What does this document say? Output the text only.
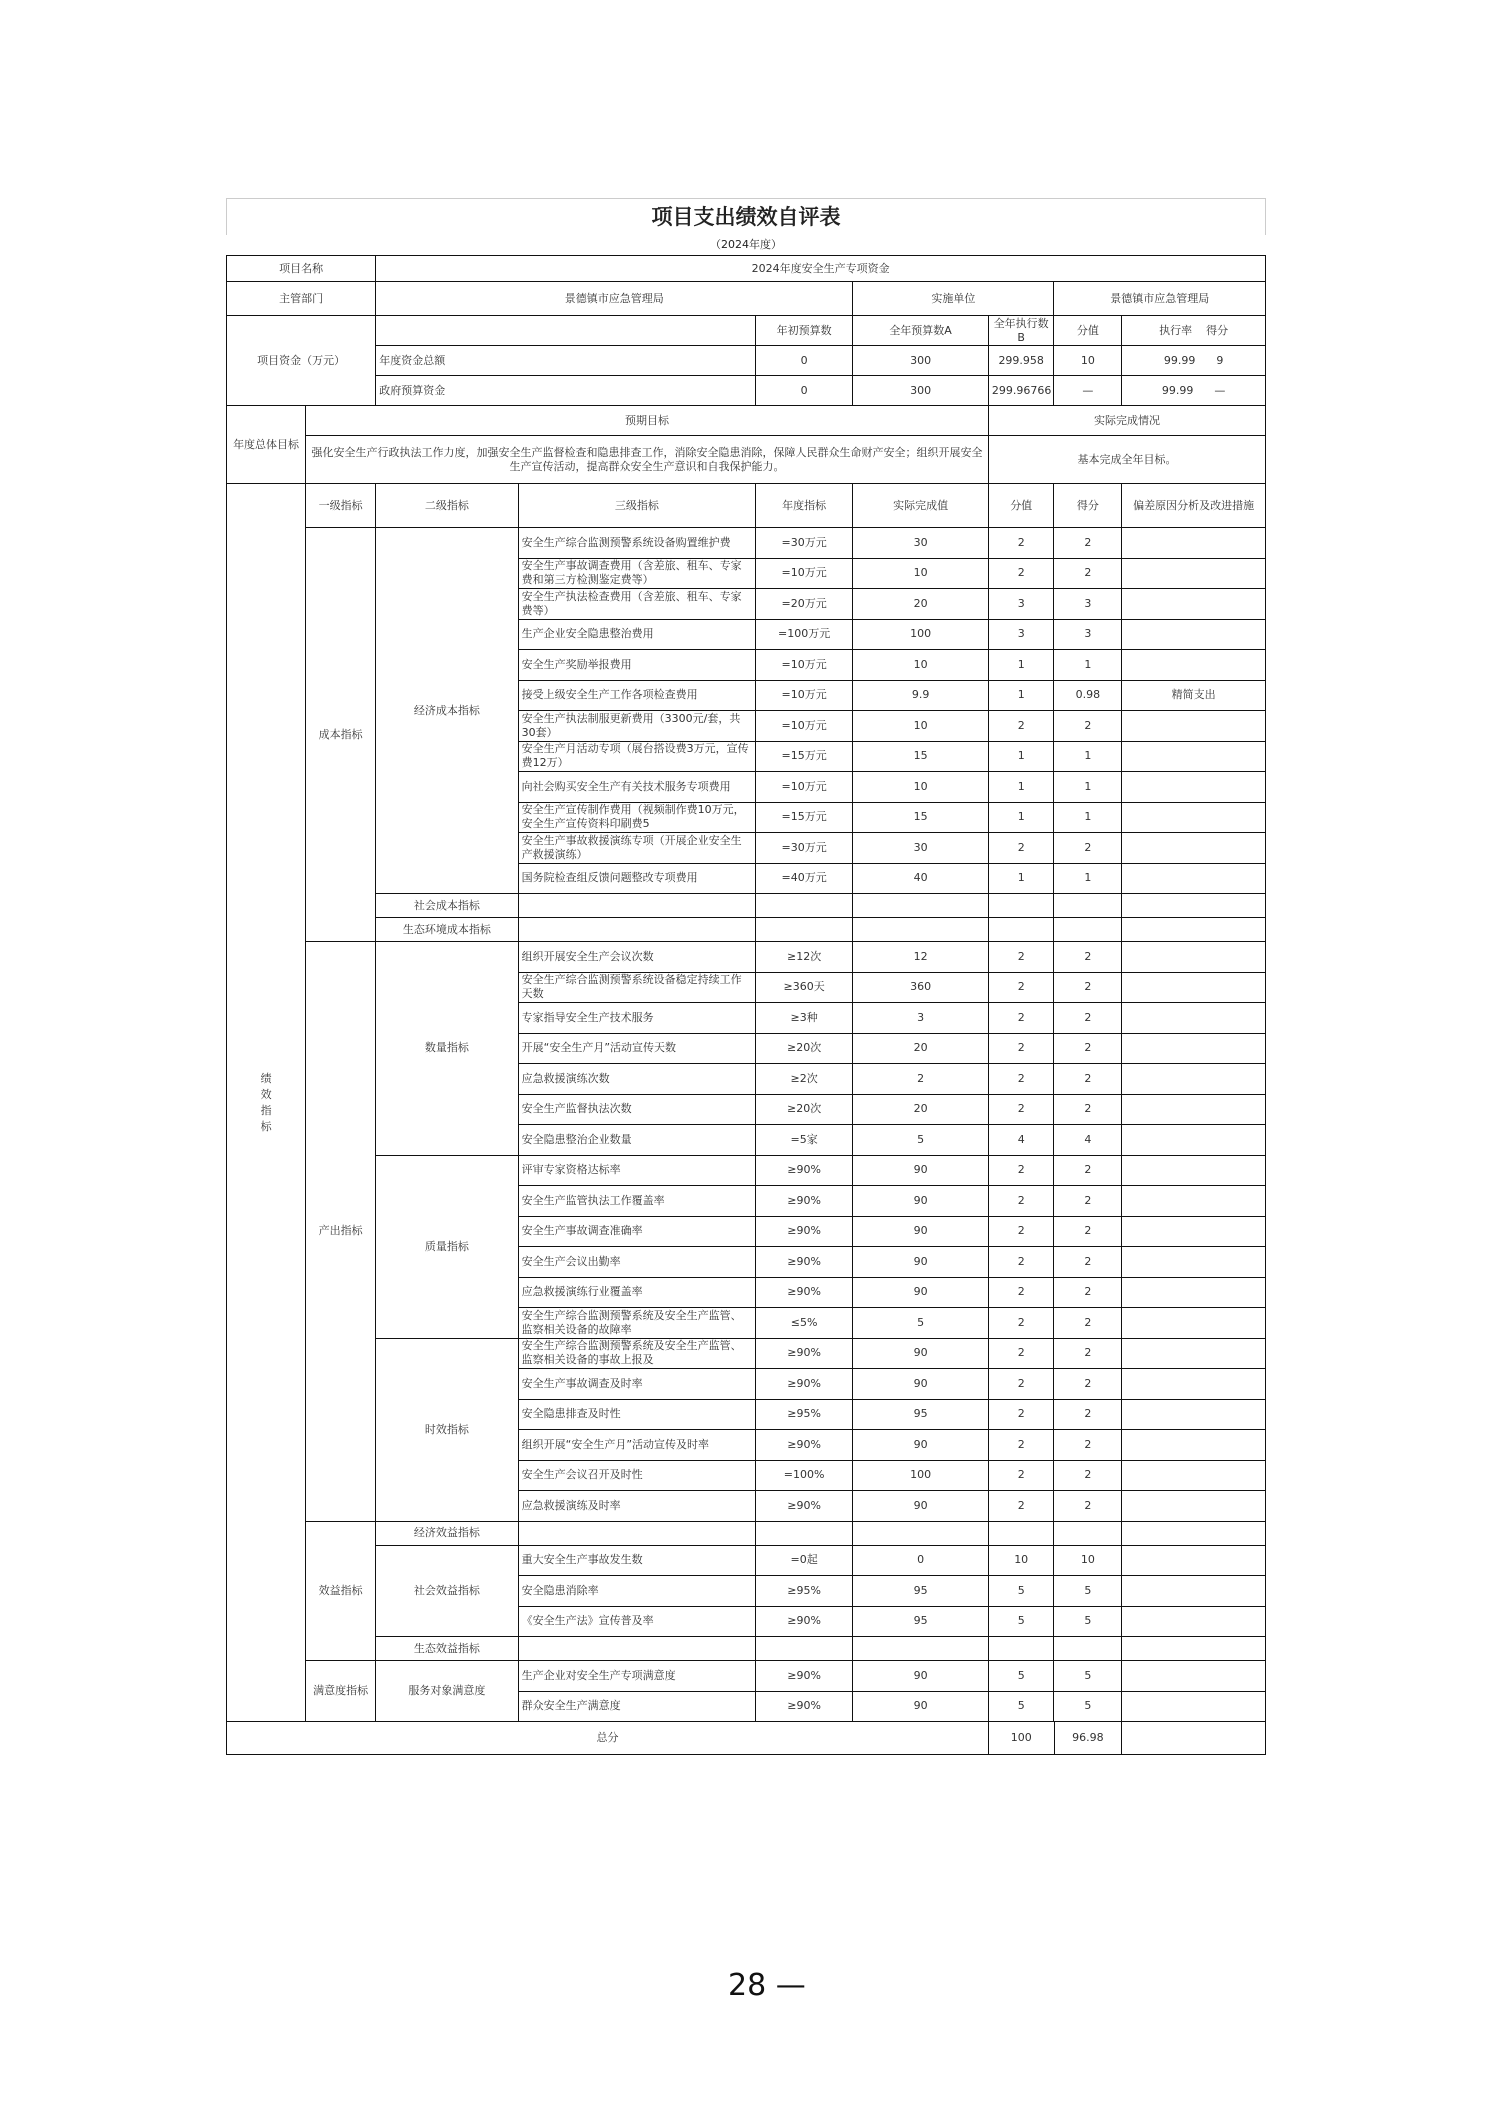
项目支出绩效自评表
（2024年度）
项目名称		2024年度安全生产专项资金						
主管部门		景德镇市应急管理局			实施单位		景德镇市应急管理局	
项目资金（万元）				年初预算数	全年预算数A	全年执行数B	分值	执行率 得分
		年度资金总额		0	300	299.958	10	99.99 9
		政府预算资金		0	300	299.96766	—	99.99 —
年度总体目标	预期目标					实际完成情况		
	强化安全生产行政执法工作力度，加强安全生产监督检查和隐患排查工作，消除安全隐患消除，保障人民群众生命财产安全；组织开展安全生产宣传活动，提高群众安全生产意识和自我保护能力。					基本完成全年目标。		
绩效指标	一级指标	二级指标	三级指标	年度指标	实际完成值	分值	得分	偏差原因分析及改进措施
	成本指标	经济成本指标	安全生产综合监测预警系统设备购置维护费	=30万元	30	2	2	
			安全生产事故调查费用（含差旅、租车、专家费和第三方检测鉴定费等）	=10万元	10	2	2	
			安全生产执法检查费用（含差旅、租车、专家费等）	=20万元	20	3	3	
			生产企业安全隐患整治费用	=100万元	100	3	3	
			安全生产奖励举报费用	=10万元	10	1	1	
			接受上级安全生产工作各项检查费用	=10万元	9.9	1	0.98	精简支出
			安全生产执法制服更新费用（3300元/套，共30套）	=10万元	10	2	2	
			安全生产月活动专项（展台搭设费3万元，宣传费12万）	=15万元	15	1	1	
			向社会购买安全生产有关技术服务专项费用	=10万元	10	1	1	
			安全生产宣传制作费用（视频制作费10万元，安全生产宣传资料印刷费5	=15万元	15	1	1	
			安全生产事故救援演练专项（开展企业安全生产救援演练）	=30万元	30	2	2	
			国务院检查组反馈问题整改专项费用	=40万元	40	1	1	
		社会成本指标						
		生态环境成本指标						
	产出指标	数量指标	组织开展安全生产会议次数	≥12次	12	2	2	
			安全生产综合监测预警系统设备稳定持续工作天数	≥360天	360	2	2	
			专家指导安全生产技术服务	≥3种	3	2	2	
			开展“安全生产月”活动宣传天数	≥20次	20	2	2	
			应急救援演练次数	≥2次	2	2	2	
			安全生产监督执法次数	≥20次	20	2	2	
			安全隐患整治企业数量	=5家	5	4	4	
		质量指标	评审专家资格达标率	≥90%	90	2	2	
			安全生产监管执法工作覆盖率	≥90%	90	2	2	
			安全生产事故调查准确率	≥90%	90	2	2	
			安全生产会议出勤率	≥90%	90	2	2	
			应急救援演练行业覆盖率	≥90%	90	2	2	
			安全生产综合监测预警系统及安全生产监管、监察相关设备的故障率	≤5%	5	2	2	
		时效指标	安全生产综合监测预警系统及安全生产监管、监察相关设备的事故上报及	≥90%	90	2	2	
			安全生产事故调查及时率	≥90%	90	2	2	
			安全隐患排查及时性	≥95%	95	2	2	
			组织开展“安全生产月”活动宣传及时率	≥90%	90	2	2	
			安全生产会议召开及时性	=100%	100	2	2	
			应急救援演练及时率	≥90%	90	2	2	
	效益指标	经济效益指标						
		社会效益指标	重大安全生产事故发生数	=0起	0	10	10	
			安全隐患消除率	≥95%	95	5	5	
			《安全生产法》宣传普及率	≥90%	95	5	5	
		生态效益指标						
	满意度指标	服务对象满意度	生产企业对安全生产专项满意度	≥90%	90	5	5	
			群众安全生产满意度	≥90%	90	5	5	
总分	100	96.98	
28 —
